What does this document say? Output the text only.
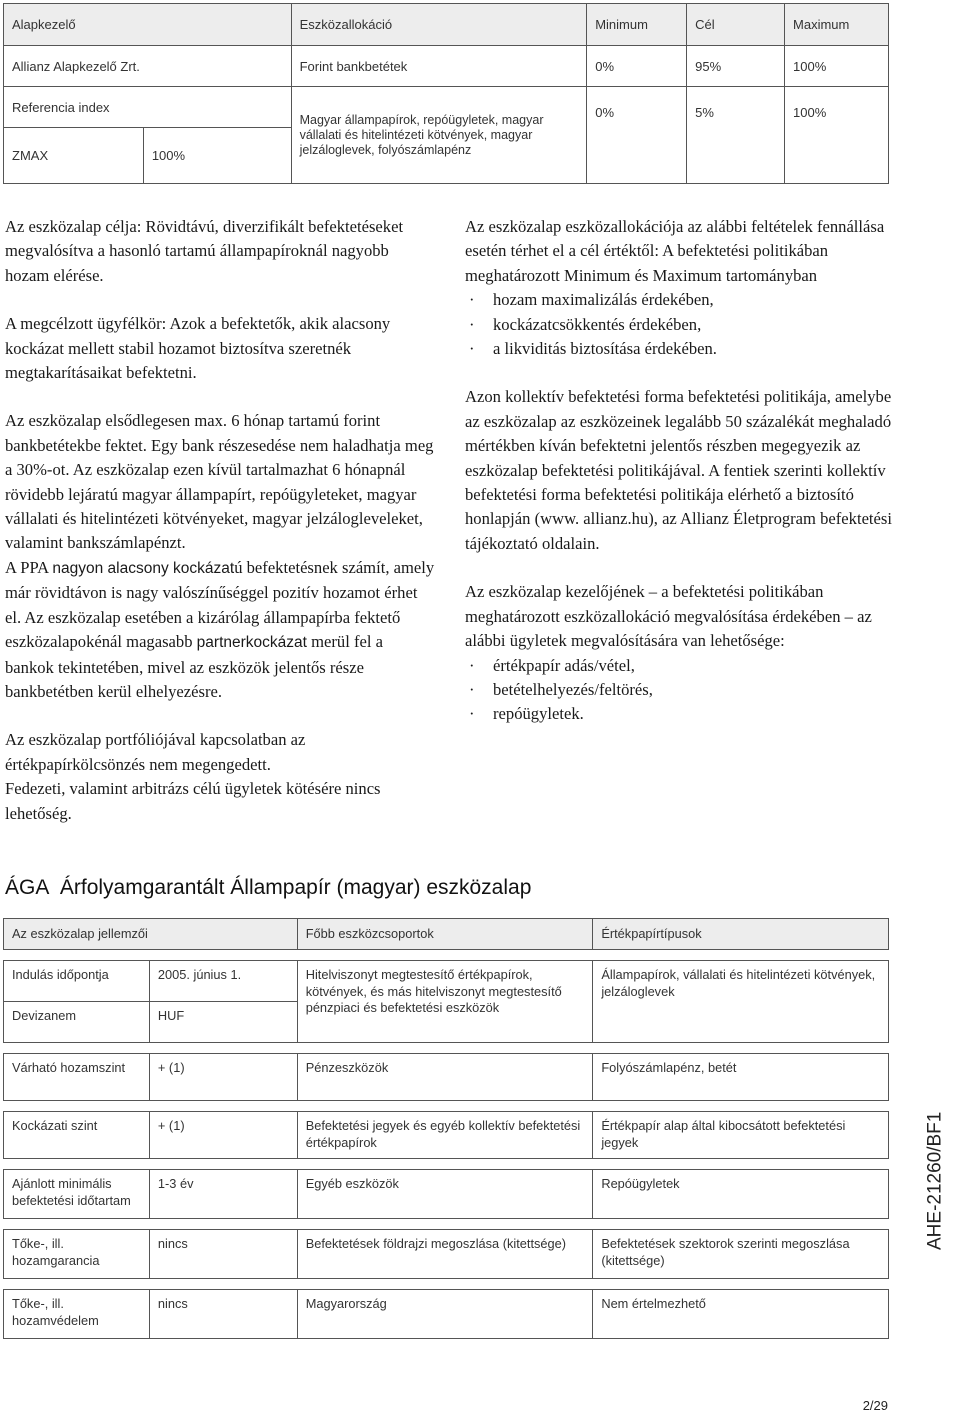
Alapkezelő		Eszközallokáció	Minimum	Cél	Maximum
Allianz Alapkezelő Zrt.		Forint bankbetétek	0%	95%	100%
Referencia index		Magyar állampapírok, repóügyletek, magyar vállalati és hitelintézeti kötvények, magyar jelzáloglevek, folyószámlapénz	0%	5%	100%
ZMAX	100%				

Az eszközalap célja: Rövidtávú, diverzifikált befektetéseket megvalósítva a hasonló tartamú állampapíroknál nagyobb hozam elérése.

A megcélzott ügyfélkör: Azok a befektetők, akik alacsony kockázat mellett stabil hozamot biztosítva szeretnék megtakarításaikat befektetni.

Az eszközalap elsődlegesen max. 6 hónap tartamú forint bankbetétekbe fektet. Egy bank részesedése nem haladhatja meg a 30%-ot. Az eszközalap ezen kívül tartalmazhat 6 hónapnál rövidebb lejáratú magyar állampapírt, repóügyleteket, magyar vállalati és hitelintézeti kötvényeket, magyar jelzálogleveleket, valamint bankszámlapénzt.

A PPA nagyon alacsony kockázatú befektetésnek számít, amely már rövidtávon is nagy valószínűséggel pozitív hozamot érhet el. Az eszközalap esetében a kizárólag állampapírba fektető eszközalapokénál magasabb partnerkockázat merül fel a bankok tekintetében, mivel az eszközök jelentős része bankbetétben kerül elhelyezésre.

Az eszközalap portfóliójával kapcsolatban az értékpapírkölcsönzés nem megengedett.

Fedezeti, valamint arbitrázs célú ügyletek kötésére nincs lehetőség.

Az eszközalap eszközallokációja az alábbi feltételek fennállása esetén térhet el a cél értéktől: A befektetési politikában meghatározott Minimum és Maximum tartományban

· hozam maximalizálás érdekében,
· kockázatcsökkentés érdekében,
· a likviditás biztosítása érdekében.

Azon kollektív befektetési forma befektetési politikája, amelybe az eszközalap az eszközeinek legalább 50 százalékát meghaladó mértékben kíván befektetni jelentős részben megegyezik az eszközalap befektetési politikájával. A fentiek szerinti kollektív befektetési forma befektetési politikája elérhető a biztosító honlapján (www. allianz.hu), az Allianz Életprogram befektetési tájékoztató oldalain.

Az eszközalap kezelőjének – a befektetési politikában meghatározott eszközallokáció megvalósítása érdekében – az alábbi ügyletek megvalósítására van lehetősége:

· értékpapír adás/vétel,
· betételhelyezés/feltörés,
· repóügyletek.
ÁGA  Árfolyamgarantált Állampapír (magyar) eszközalap
Az eszközalap jellemzői		Főbb eszközcsoportok	Értékpapírtípusok

Indulás időpontja	2005. június 1.	Hitelviszonyt megtestesítő értékpapírok, kötvények, és más hitelviszonyt megtestesítő pénzpiaci és befektetési eszközök	Állampapírok, vállalati és hitelintézeti kötvények, jelzáloglevek
Devizanem	HUF		

Várható hozamszint	+ (1)	Pénzeszközök	Folyószámlapénz, betét

Kockázati szint	+ (1)	Befektetési jegyek és egyéb kollektív befektetési értékpapírok	Értékpapír alap által kibocsátott befektetési jegyek

Ajánlott minimális befektetési időtartam	1-3 év	Egyéb eszközök	Repóügyletek

Tőke-, ill. hozamgarancia	nincs	Befektetések földrajzi megoszlása (kitettsége)	Befektetések szektorok szerinti megoszlása (kitettsége)

Tőke-, ill. hozamvédelem	nincs	Magyarország	Nem értelmezhető
AHE-21260/BF1
2/29
